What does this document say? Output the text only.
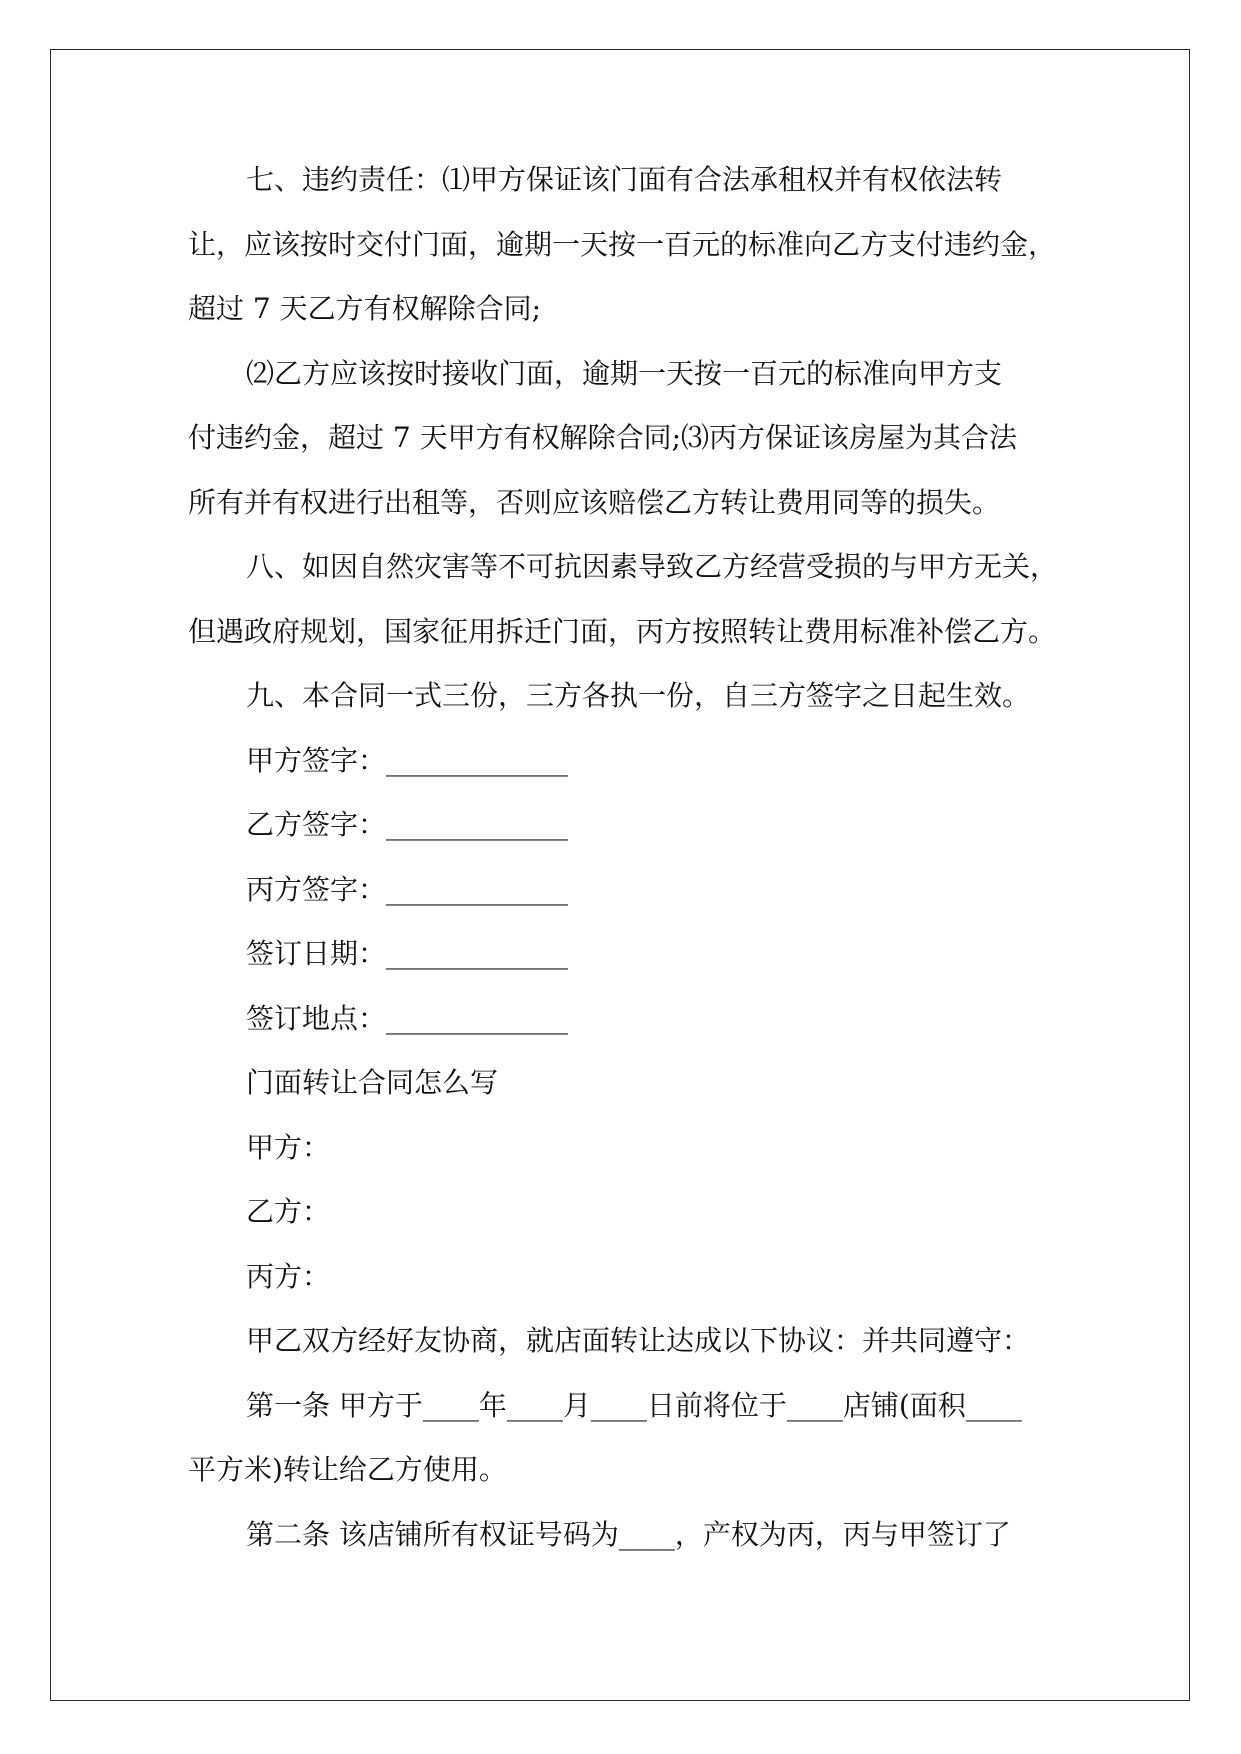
七、违约责任：⑴甲方保证该门面有合法承租权并有权依法转
让，应该按时交付门面，逾期一天按一百元的标准向乙方支付违约金，
超过 7 天乙方有权解除合同;
⑵乙方应该按时接收门面，逾期一天按一百元的标准向甲方支
付违约金，超过 7 天甲方有权解除合同;⑶丙方保证该房屋为其合法
所有并有权进行出租等，否则应该赔偿乙方转让费用同等的损失。
八、如因自然灾害等不可抗因素导致乙方经营受损的与甲方无关，
但遇政府规划，国家征用拆迁门面，丙方按照转让费用标准补偿乙方。
九、本合同一式三份，三方各执一份，自三方签字之日起生效。
甲方签字：_____________
乙方签字：_____________
丙方签字：_____________
签订日期：_____________
签订地点：_____________
门面转让合同怎么写
甲方：
乙方：
丙方：
甲乙双方经好友协商，就店面转让达成以下协议：并共同遵守：
第一条 甲方于____年____月____日前将位于____店铺(面积____
平方米)转让给乙方使用。
第二条 该店铺所有权证号码为____，产权为丙，丙与甲签订了
